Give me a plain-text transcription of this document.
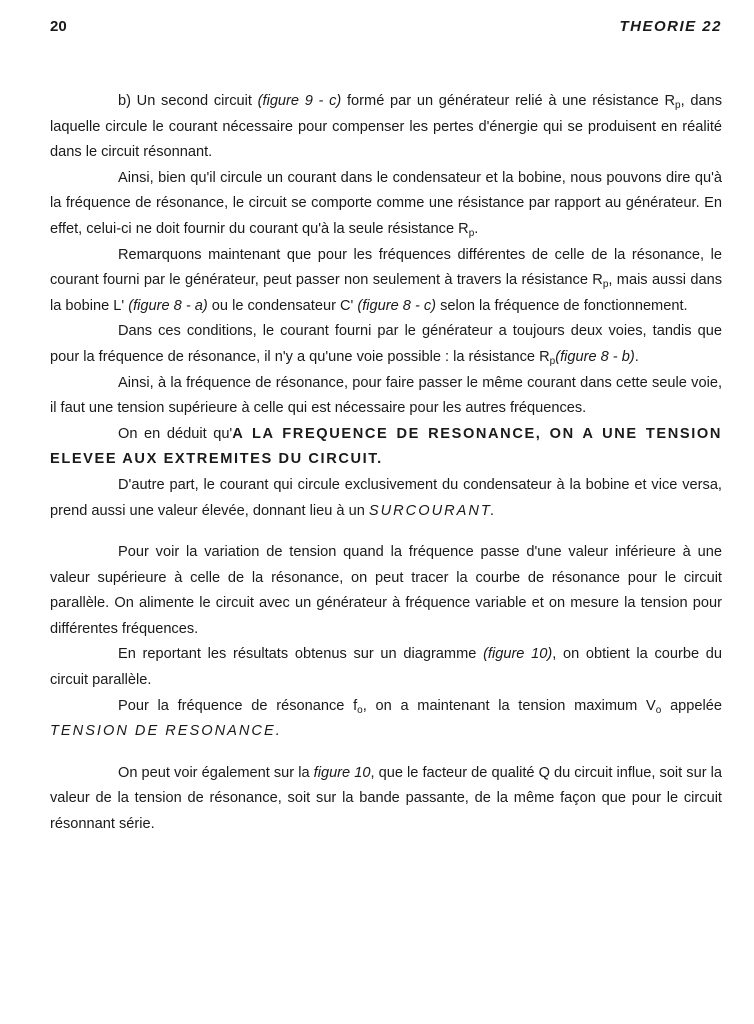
20	THEORIE 22

b) Un second circuit (figure 9 - c) formé par un générateur relié à une résistance $R_p$, dans laquelle circule le courant nécessaire pour compenser les pertes d'énergie qui se produisent en réalité dans le circuit résonnant.

Ainsi, bien qu'il circule un courant dans le condensateur et la bobine, nous pouvons dire qu'à la fréquence de résonance, le circuit se comporte comme une résistance par rapport au générateur. En effet, celui-ci ne doit fournir du courant qu'à la seule résistance $R_p$.

Remarquons maintenant que pour les fréquences différentes de celle de la résonance, le courant fourni par le générateur, peut passer non seulement à travers la résistance $R_p$, mais aussi dans la bobine L' (figure 8 - a) ou le condensateur C' (figure 8 - c) selon la fréquence de fonctionnement.

Dans ces conditions, le courant fourni par le générateur a toujours deux voies, tandis que pour la fréquence de résonance, il n'y a qu'une voie possible : la résistance $R_p(figure$ 8 - b).

Ainsi, à la fréquence de résonance, pour faire passer le même courant dans cette seule voie, il faut une tension supérieure à celle qui est nécessaire pour les autres fréquences.

On en déduit qu'A LA FREQUENCE DE RESONANCE, ON A UNE TENSION ELEVEE AUX EXTREMITES DU CIRCUIT.

D'autre part, le courant qui circule exclusivement du condensateur à la bobine et vice versa, prend aussi une valeur élevée, donnant lieu à un SURCOURANT.

Pour voir la variation de tension quand la fréquence passe d'une valeur inférieure à une valeur supérieure à celle de la résonance, on peut tracer la courbe de résonance pour le circuit parallèle. On alimente le circuit avec un générateur à fréquence variable et on mesure la tension pour différentes fréquences.

En reportant les résultats obtenus sur un diagramme (figure 10), on obtient la courbe du circuit parallèle.

Pour la fréquence de résonance $f_o$, on a maintenant la tension maximum $V_o$ appelée TENSION DE RESONANCE.

On peut voir également sur la figure 10, que le facteur de qualité Q du circuit influe, soit sur la valeur de la tension de résonance, soit sur la bande passante, de la même façon que pour le circuit résonnant série.
